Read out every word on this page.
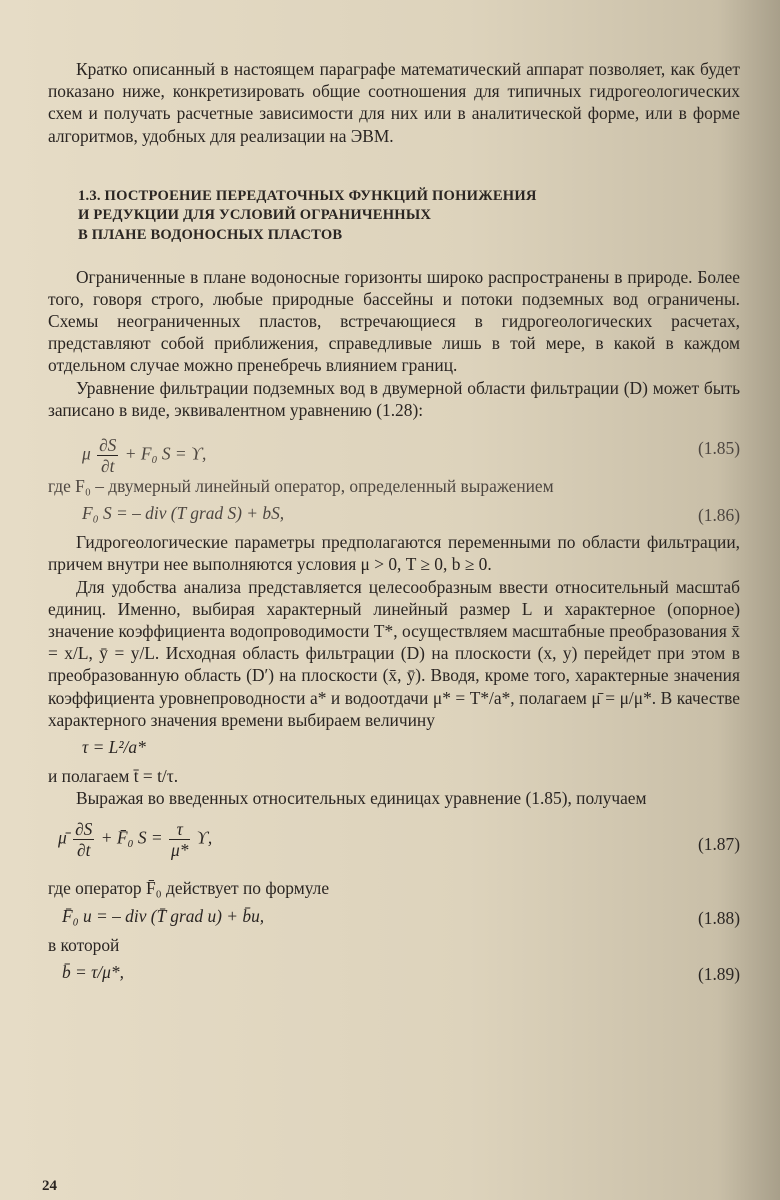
Кратко описанный в настоящем параграфе математический аппарат позволяет, как будет показано ниже, конкретизировать общие соотношения для типичных гидрогеологических схем и получать расчетные зависимости для них или в аналитической форме, или в форме алгоритмов, удобных для реализации на ЭВМ.

1.3. ПОСТРОЕНИЕ ПЕРЕДАТОЧНЫХ ФУНКЦИЙ ПОНИЖЕНИЯ
И РЕДУКЦИИ ДЛЯ УСЛОВИЙ ОГРАНИЧЕННЫХ
В ПЛАНЕ ВОДОНОСНЫХ ПЛАСТОВ

Ограниченные в плане водоносные горизонты широко распространены в природе. Более того, говоря строго, любые природные бассейны и потоки подземных вод ограничены. Схемы неограниченных пластов, встречающиеся в гидрогеологических расчетах, представляют собой приближения, справедливые лишь в той мере, в какой в каждом отдельном случае можно пренебречь влиянием границ.

Уравнение фильтрации подземных вод в двумерной области фильтрации (D) может быть записано в виде, эквивалентном уравнению (1.28):

μ $\frac{\partial S}{\partial t} + F_0$ S = ϒ,	(1.85)

где F₀ – двумерный линейный оператор, определенный выражением

F₀ S = – div (T grad S) + bS,	(1.86)

Гидрогеологические параметры предполагаются переменными по области фильтрации, причем внутри нее выполняются условия μ > 0, T ≥ 0, b ≥ 0.

Для удобства анализа представляется целесообразным ввести относительный масштаб единиц. Именно, выбирая характерный линейный размер L и характерное (опорное) значение коэффициента водопроводимости T*, осуществляем масштабные преобразования x̄ = x/L, ȳ = y/L. Исходная область фильтрации (D) на плоскости (x, y) перейдет при этом в преобразованную область (D′) на плоскости (x̄, ȳ). Вводя, кроме того, характерные значения коэффициента уровнепроводности a* и водоотдачи μ* = T*/a*, полагаем μ̄ = μ/μ*. В качестве характерного значения времени выбираем величину

τ = L²/a*

и полагаем t̄ = t/τ.

Выражая во введенных относительных единицах уравнение (1.85), получаем

μ̄ $\frac{\partial S}{\partial t}$ + F̄₀ $S = \frac{\tau}{\mu*} ϒ$,	(1.87)

где оператор F̄₀ действует по формуле

F̄₀ u = – div (T̄ grad u) + b̄u,	(1.88)

в которой

b̄ = τ/μ*,	(1.89)
24
